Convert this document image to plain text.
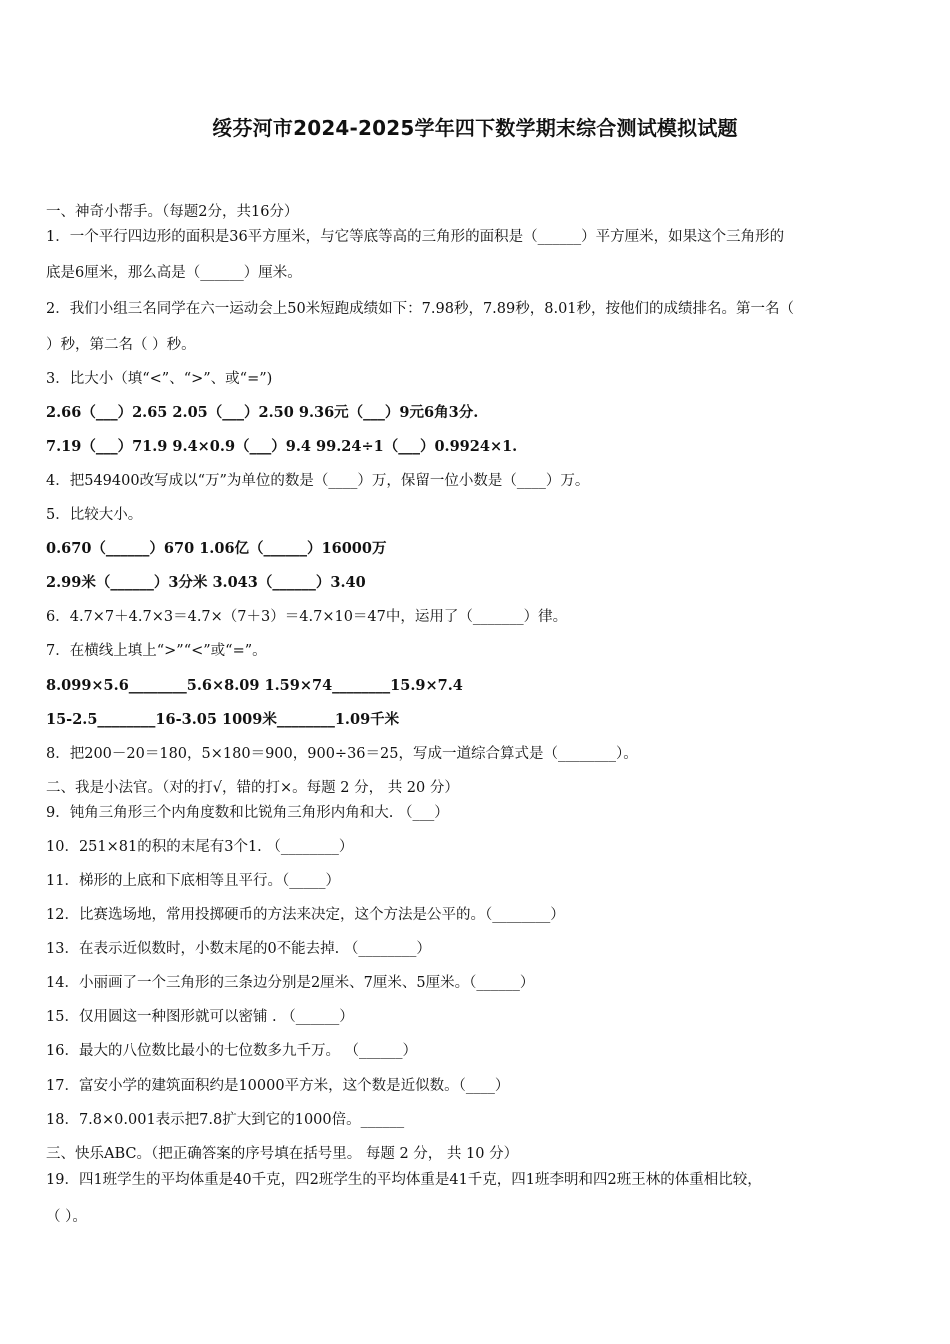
绥芬河市2024-2025学年四下数学期末综合测试模拟试题
一、神奇小帮手。（每题2分，共16分）
1．一个平行四边形的面积是36平方厘米，与它等底等高的三角形的面积是（______）平方厘米，如果这个三角形的
底是6厘米，那么高是（______）厘米。
2．我们小组三名同学在六一运动会上50米短跑成绩如下：7.98秒，7.89秒，8.01秒，按他们的成绩排名。第一名（
）秒，第二名（ ）秒。
3．比大小（填“<”、“>”、或“=”)
2.66（___）2.65 2.05（___）2.50 9.36元（___）9元6角3分.
7.19（___）71.9 9.4×0.9（___）9.4 99.24÷1（___）0.9924×1.
4．把549400改写成以“万”为单位的数是（____）万，保留一位小数是（____）万。
5．比较大小。
0.670（______）670 1.06亿（______）16000万
2.99米（______）3分米 3.043（______）3.40
6．4.7×7＋4.7×3＝4.7×（7＋3）＝4.7×10＝47中，运用了（_______）律。
7．在横线上填上“>”“<”或“=”。
8.099×5.6________5.6×8.09 1.59×74________15.9×7.4
15-2.5________16-3.05 1009米________1.09千米
8．把200－20＝180，5×180＝900，900÷36＝25，写成一道综合算式是（________）。
二、我是小法官。（对的打√，错的打×。每题 2 分， 共 20 分）
9．钝角三角形三个内角度数和比锐角三角形内角和大. （___）
10．251×81的积的末尾有3个1. （________）
11．梯形的上底和下底相等且平行。（_____）
12．比赛选场地，常用投掷硬币的方法来决定，这个方法是公平的。（________）
13．在表示近似数时，小数末尾的0不能去掉. （________）
14．小丽画了一个三角形的三条边分别是2厘米、7厘米、5厘米。（______）
15．仅用圆这一种图形就可以密铺 . （______）
16．最大的八位数比最小的七位数多九千万。 （______）
17．富安小学的建筑面积约是10000平方米，这个数是近似数。（____）
18．7.8×0.001表示把7.8扩大到它的1000倍。______
三、快乐ABC。（把正确答案的序号填在括号里。 每题 2 分， 共 10 分）
19．四1班学生的平均体重是40千克，四2班学生的平均体重是41千克，四1班李明和四2班王林的体重相比较，
（ ）。
